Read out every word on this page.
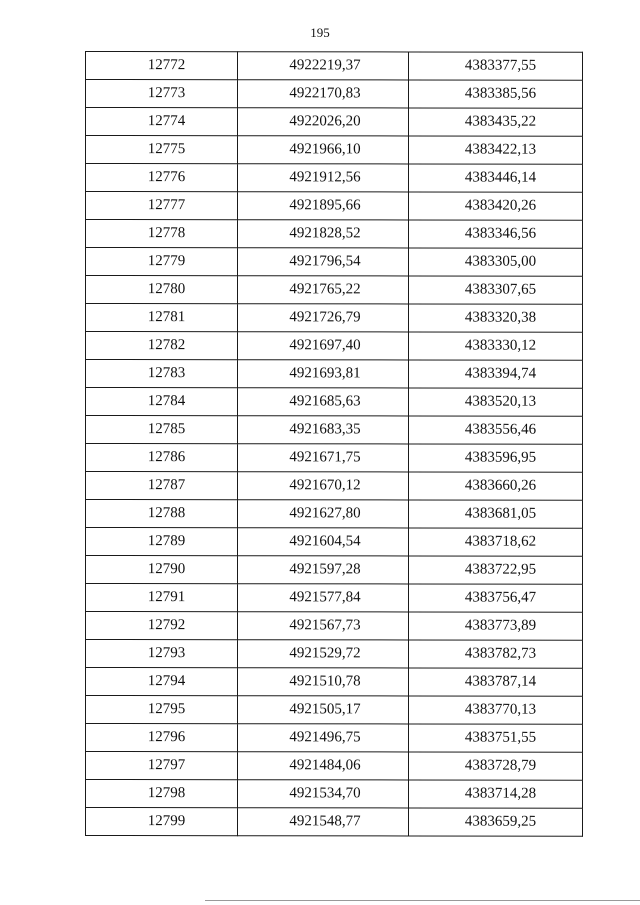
195
12772	4922219,37	4383377,55
12773	4922170,83	4383385,56
12774	4922026,20	4383435,22
12775	4921966,10	4383422,13
12776	4921912,56	4383446,14
12777	4921895,66	4383420,26
12778	4921828,52	4383346,56
12779	4921796,54	4383305,00
12780	4921765,22	4383307,65
12781	4921726,79	4383320,38
12782	4921697,40	4383330,12
12783	4921693,81	4383394,74
12784	4921685,63	4383520,13
12785	4921683,35	4383556,46
12786	4921671,75	4383596,95
12787	4921670,12	4383660,26
12788	4921627,80	4383681,05
12789	4921604,54	4383718,62
12790	4921597,28	4383722,95
12791	4921577,84	4383756,47
12792	4921567,73	4383773,89
12793	4921529,72	4383782,73
12794	4921510,78	4383787,14
12795	4921505,17	4383770,13
12796	4921496,75	4383751,55
12797	4921484,06	4383728,79
12798	4921534,70	4383714,28
12799	4921548,77	4383659,25
